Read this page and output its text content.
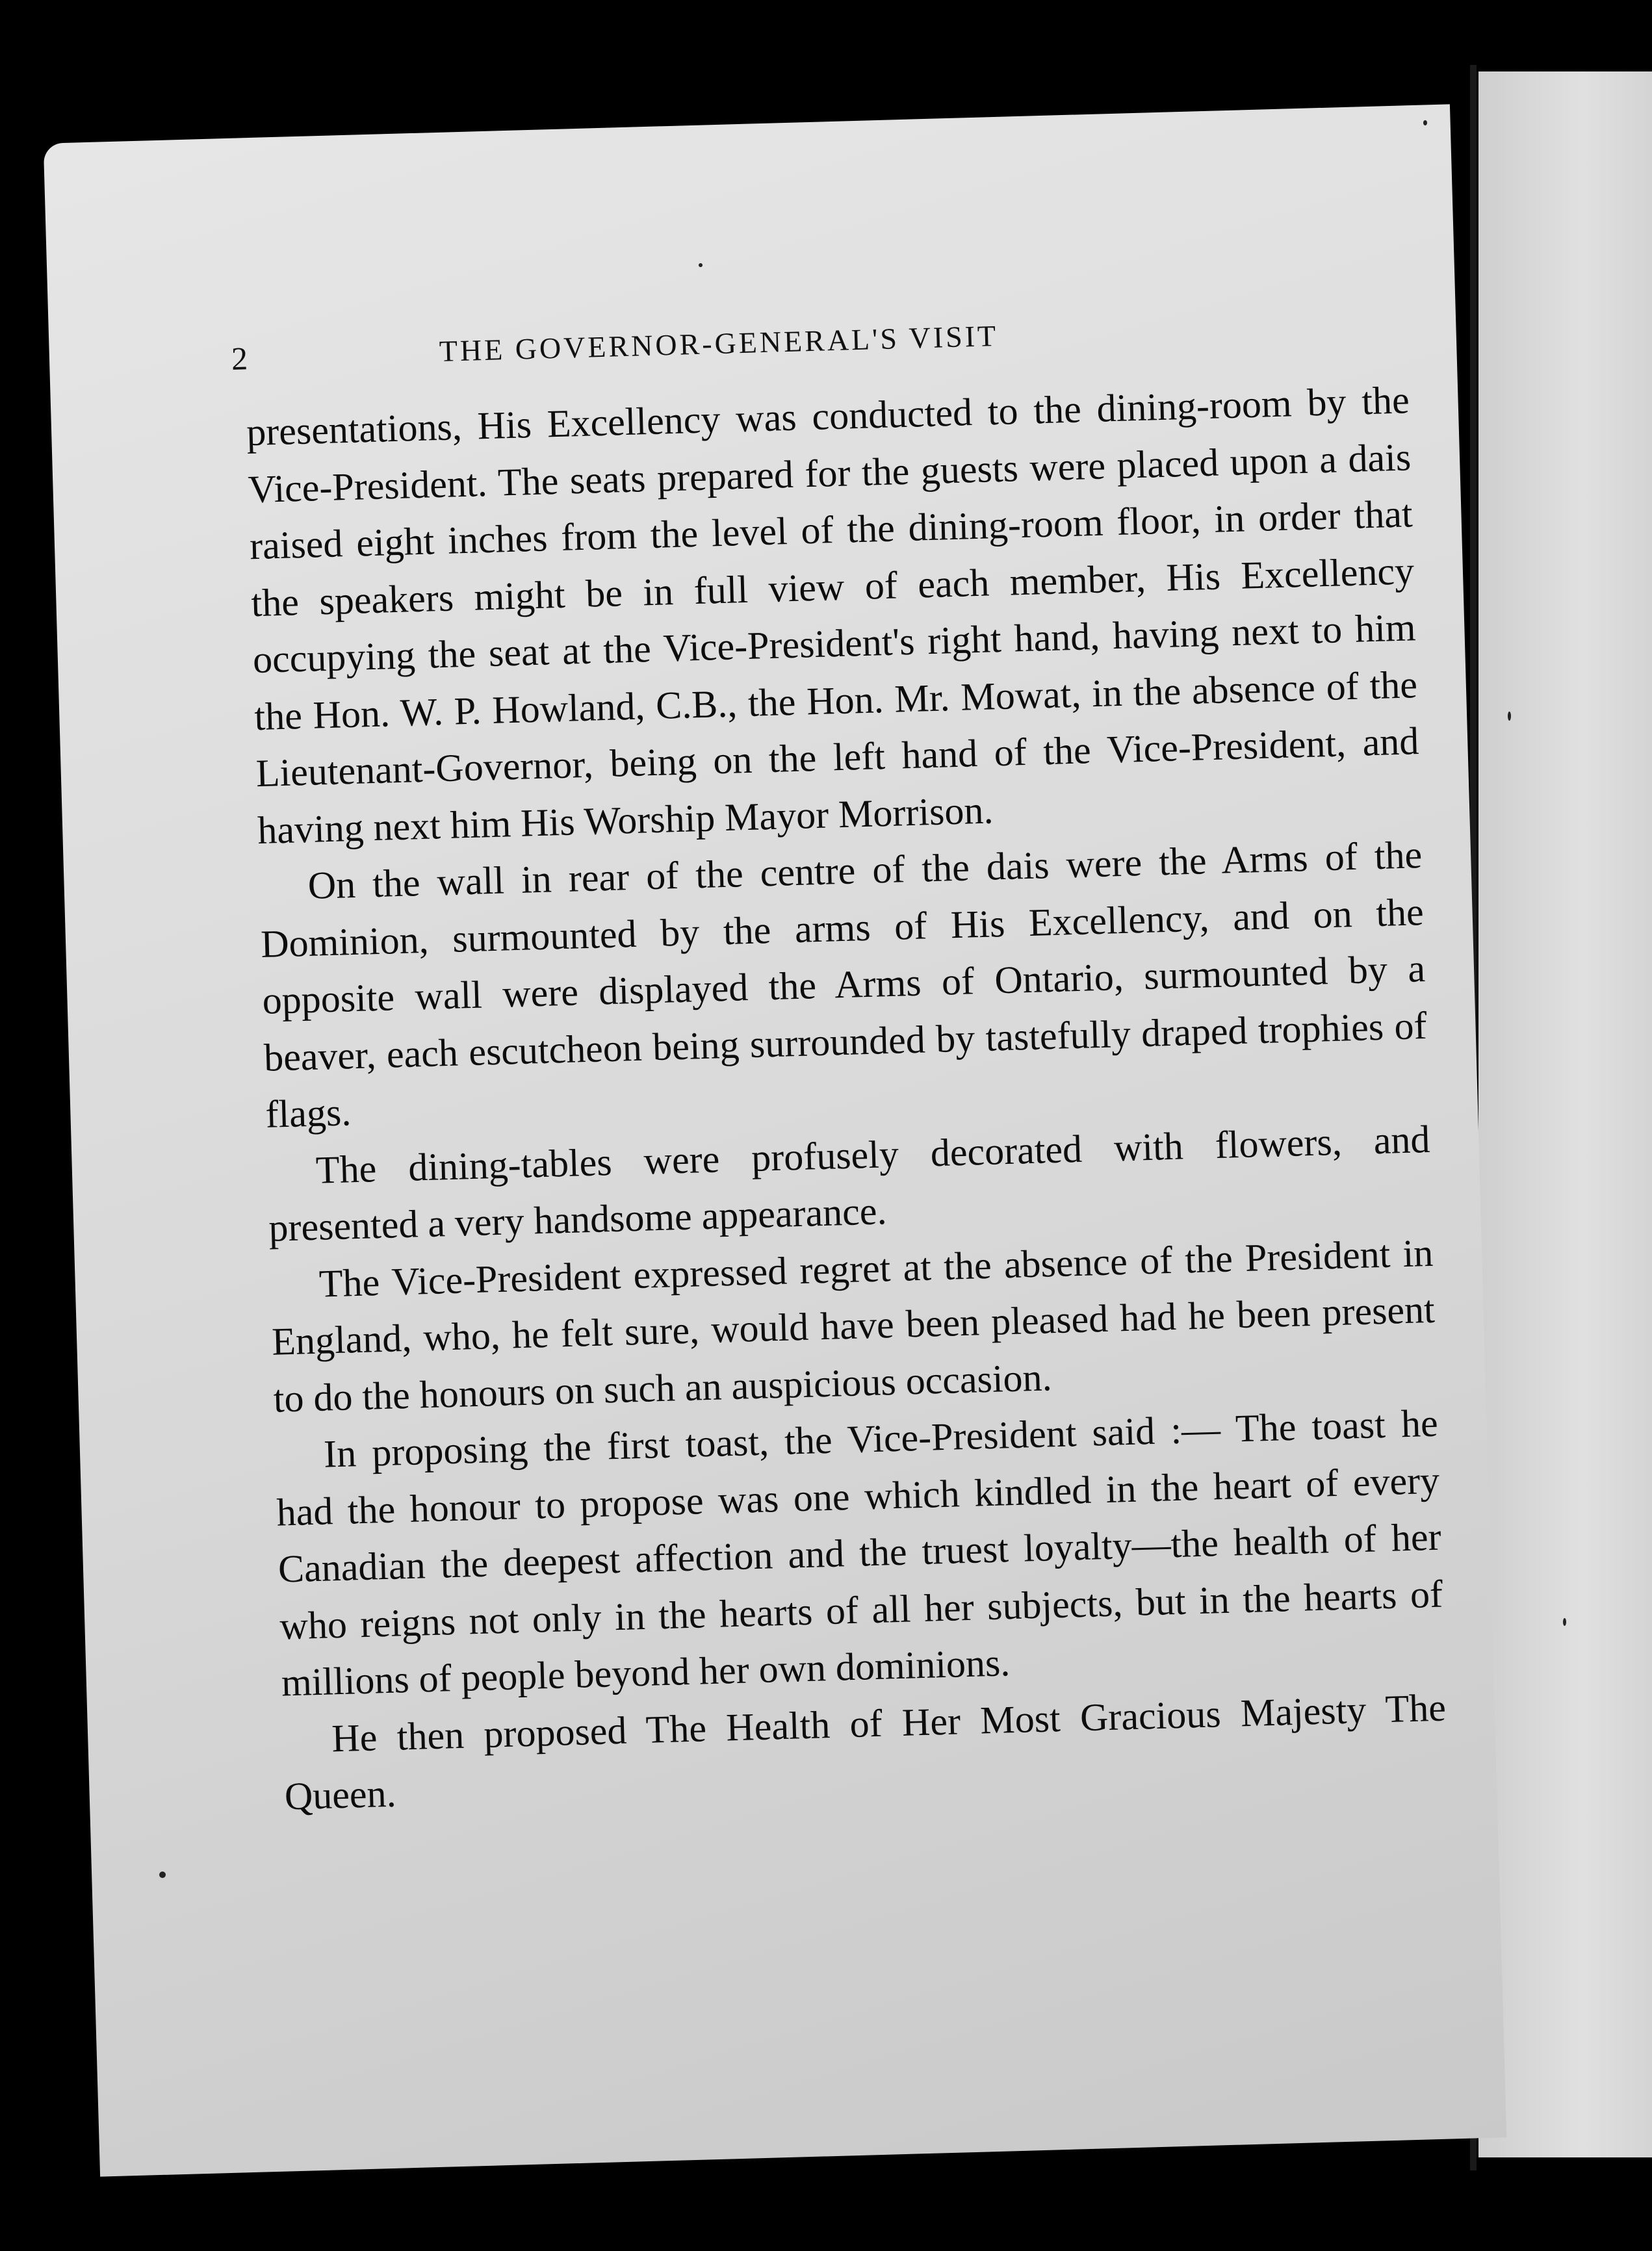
2	THE GOVERNOR-GENERAL'S VISIT

presentations, His Excellency was conducted to the dining-room by the Vice-President. The seats prepared for the guests were placed upon a dais raised eight inches from the level of the dining-room floor, in order that the speakers might be in full view of each member, His Excellency occupying the seat at the Vice-President's right hand, having next to him the Hon. W. P. Howland, C.B., the Hon. Mr. Mowat, in the absence of the Lieutenant-Governor, being on the left hand of the Vice-President, and having next him His Worship Mayor Morrison.

On the wall in rear of the centre of the dais were the Arms of the Dominion, surmounted by the arms of His Excellency, and on the opposite wall were displayed the Arms of Ontario, surmounted by a beaver, each escutcheon being surrounded by tastefully draped trophies of flags.

The dining-tables were profusely decorated with flowers, and presented a very handsome appearance.

The Vice-President expressed regret at the absence of the President in England, who, he felt sure, would have been pleased had he been present to do the honours on such an auspicious occasion.

In proposing the first toast, the Vice-President said :— The toast he had the honour to propose was one which kindled in the heart of every Canadian the deepest affection and the truest loyalty—the health of her who reigns not only in the hearts of all her subjects, but in the hearts of millions of people beyond her own dominions.

He then proposed The Health of Her Most Gracious Majesty The Queen.
